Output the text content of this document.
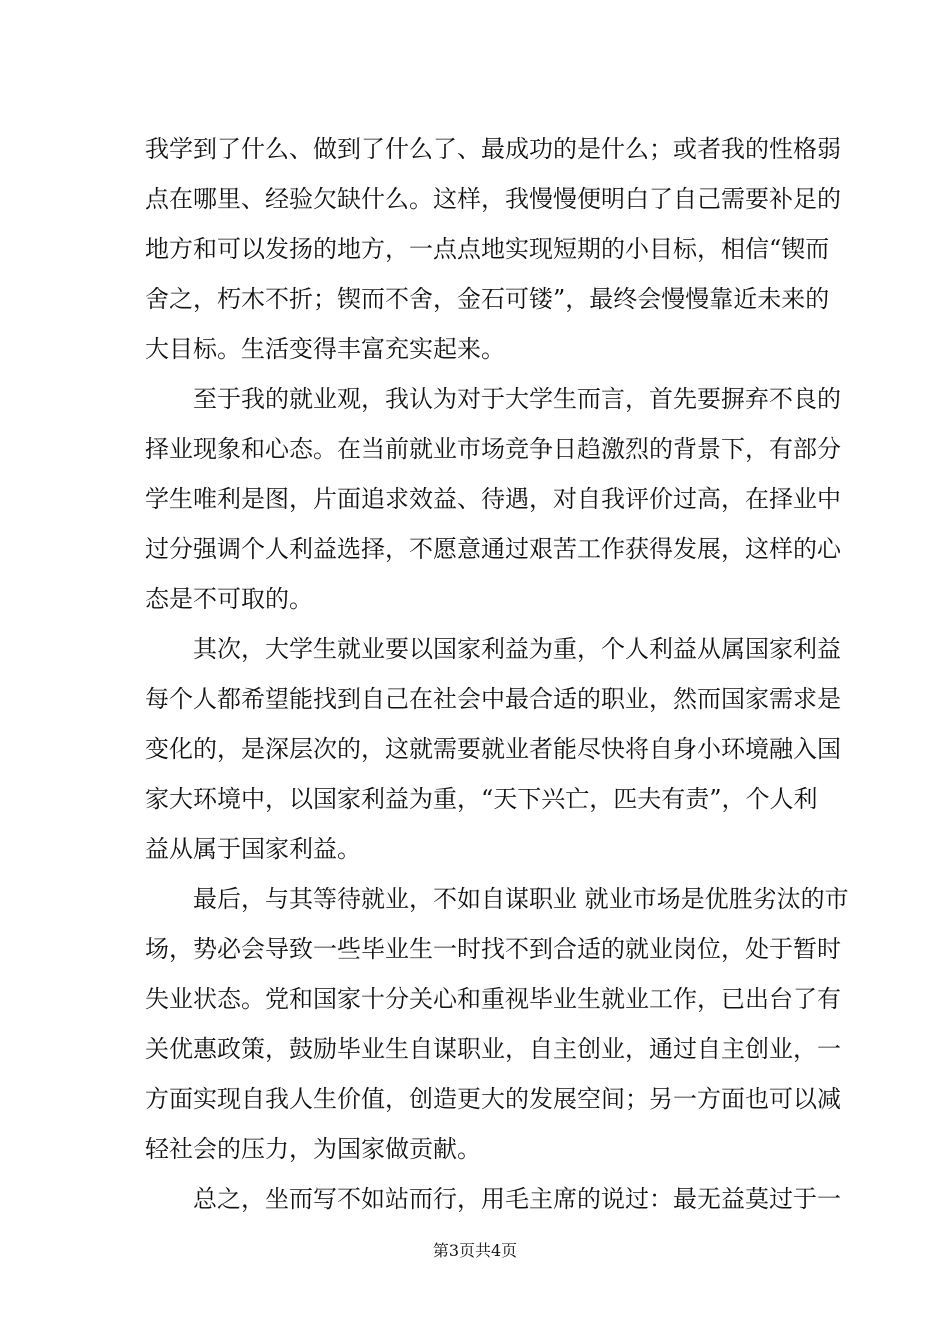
我学到了什么、做到了什么了、最成功的是什么；或者我的性格弱
点在哪里、经验欠缺什么。这样，我慢慢便明白了自己需要补足的
地方和可以发扬的地方，一点点地实现短期的小目标，相信“锲而
舍之，朽木不折；锲而不舍，金石可镂”，最终会慢慢靠近未来的
大目标。生活变得丰富充实起来。
　　至于我的就业观，我认为对于大学生而言，首先要摒弃不良的
择业现象和心态。在当前就业市场竞争日趋激烈的背景下，有部分
学生唯利是图，片面追求效益、待遇，对自我评价过高，在择业中
过分强调个人利益选择，不愿意通过艰苦工作获得发展，这样的心
态是不可取的。
　　其次，大学生就业要以国家利益为重，个人利益从属国家利益
每个人都希望能找到自己在社会中最合适的职业，然而国家需求是
变化的，是深层次的，这就需要就业者能尽快将自身小环境融入国
家大环境中，以国家利益为重，“天下兴亡，匹夫有责”，个人利
益从属于国家利益。
　　最后，与其等待就业，不如自谋职业 就业市场是优胜劣汰的市
场，势必会导致一些毕业生一时找不到合适的就业岗位，处于暂时
失业状态。党和国家十分关心和重视毕业生就业工作，已出台了有
关优惠政策，鼓励毕业生自谋职业，自主创业，通过自主创业，一
方面实现自我人生价值，创造更大的发展空间；另一方面也可以减
轻社会的压力，为国家做贡献。
　　总之，坐而写不如站而行，用毛主席的说过：最无益莫过于一
第3页共4页
